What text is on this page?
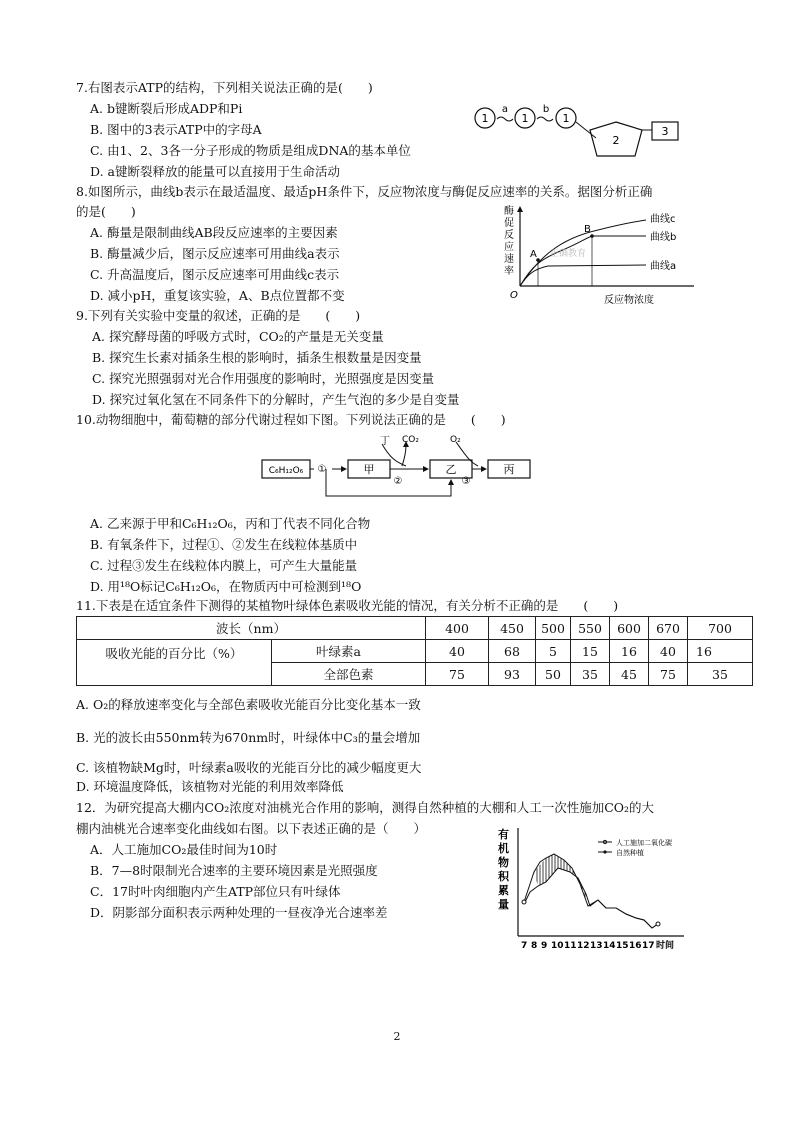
7.右图表示ATP的结构，下列相关说法正确的是(　　)
A. b键断裂后形成ADP和Pi
B. 图中的3表示ATP中的字母A
C. 由1、2、3各一分子形成的物质是组成DNA的基本单位
D. a键断裂释放的能量可以直接用于生命活动
1
a
1
b
1
2
3
8.如图所示，曲线b表示在最适温度、最适pH条件下，反应物浓度与酶促反应速率的关系。据图分析正确
的是(　　)
A. 酶量是限制曲线AB段反应速率的主要因素
B. 酶量减少后，图示反应速率可用曲线a表示
C. 升高温度后，图示反应速率可用曲线c表示
D. 减小pH，重复该实验，A、B点位置都不变
酶
促
反
应
速
率
O	反应物浓度
A
B
曲线c
曲线b
曲线a
正确教育
9.下列有关实验中变量的叙述，正确的是　　(　　)
A. 探究酵母菌的呼吸方式时，CO₂的产量是无关变量
B. 探究生长素对插条生根的影响时，插条生根数量是因变量
C. 探究光照强弱对光合作用强度的影响时，光照强度是因变量
D. 探究过氧化氢在不同条件下的分解时，产生气泡的多少是自变量
10.动物细胞中，葡萄糖的部分代谢过程如下图。下列说法正确的是　　(　　)
C₆H₁₂O₆ ①	甲
②
丁 CO₂
乙
③
O₂
丙
A. 乙来源于甲和C₆H₁₂O₆，丙和丁代表不同化合物
B. 有氧条件下，过程①、②发生在线粒体基质中
C. 过程③发生在线粒体内膜上，可产生大量能量
D. 用¹⁸O标记C₆H₁₂O₆，在物质丙中可检测到¹⁸O
11.下表是在适宜条件下测得的某植物叶绿体色素吸收光能的情况，有关分析不正确的是　　(　　)
波长（nm）		400	450	500	550	600	670	700
吸收光能的百分比（%）	叶绿素a	40	68	5	15	16	40	16
	全部色素	75	93	50	35	45	75	35
A. O₂的释放速率变化与全部色素吸收光能百分比变化基本一致
B. 光的波长由550nm转为670nm时，叶绿体中C₃的量会增加
C. 该植物缺Mg时，叶绿素a吸收的光能百分比的减少幅度更大
D. 环境温度降低，该植物对光能的利用效率降低
12．为研究提高大棚内CO₂浓度对油桃光合作用的影响，测得自然种植的大棚和人工一次性施加CO₂的大
棚内油桃光合速率变化曲线如右图。以下表述正确的是（　　）
A．人工施加CO₂最佳时间为10时
B．7—8时限制光合速率的主要环境因素是光照强度
C．17时叶肉细胞内产生ATP部位只有叶绿体
D．阴影部分面积表示两种处理的一昼夜净光合速率差
有
机
物
积
累
量
人工施加二氧化碳
自然种植
7 8 9 10 11 12 13 14 15 16 17 时间
2
